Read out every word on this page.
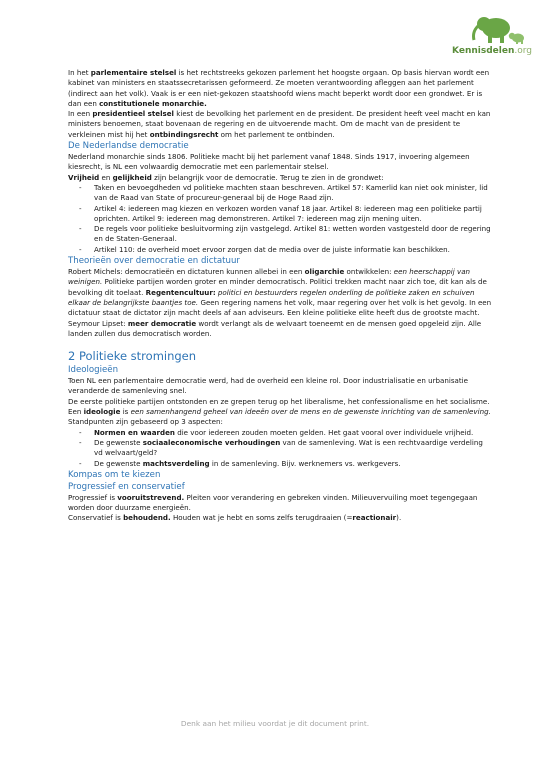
Kennisdelen.org

In het parlementaire stelsel is het rechtstreeks gekozen parlement het hoogste orgaan. Op basis hiervan wordt een kabinet van ministers en staatssecretarissen geformeerd. Ze moeten verantwoording afleggen aan het parlement (indirect aan het volk). Vaak is er een niet-gekozen staatshoofd wiens macht beperkt wordt door een grondwet. Er is dan een constitutionele monarchie.

In een presidentieel stelsel kiest de bevolking het parlement en de president. De president heeft veel macht en kan ministers benoemen, staat bovenaan de regering en de uitvoerende macht. Om de macht van de president te verkleinen mist hij het ontbindingsrecht om het parlement te ontbinden.

De Nederlandse democratie

Nederland monarchie sinds 1806. Politieke macht bij het parlement vanaf 1848. Sinds 1917, invoering algemeen kiesrecht, is NL een volwaardig democratie met een parlementair stelsel.

Vrijheid en gelijkheid zijn belangrijk voor de democratie. Terug te zien in de grondwet:

- Taken en bevoegdheden vd politieke machten staan beschreven. Artikel 57: Kamerlid kan niet ook minister, lid van de Raad van State of procureur-generaal bij de Hoge Raad zijn.
- Artikel 4: iedereen mag kiezen en verkozen worden vanaf 18 jaar. Artikel 8: iedereen mag een politieke partij oprichten. Artikel 9: iedereen mag demonstreren. Artikel 7: iedereen mag zijn mening uiten.
- De regels voor politieke besluitvorming zijn vastgelegd. Artikel 81: wetten worden vastgesteld door de regering en de Staten-Generaal.
- Artikel 110: de overheid moet ervoor zorgen dat de media over de juiste informatie kan beschikken.
Theorieën over democratie en dictatuur

Robert Michels: democratieën en dictaturen kunnen allebei in een oligarchie ontwikkelen: een heerschappij van weinigen. Politieke partijen worden groter en minder democratisch. Politici trekken macht naar zich toe, dit kan als de bevolking dit toelaat. Regentencultuur: politici en bestuurders regelen onderling de politieke zaken en schuiven elkaar de belangrijkste baantjes toe. Geen regering namens het volk, maar regering over het volk is het gevolg. In een dictatuur staat de dictator zijn macht deels af aan adviseurs. Een kleine politieke elite heeft dus de grootste macht.

Seymour Lipset: meer democratie wordt verlangt als de welvaart toeneemt en de mensen goed opgeleid zijn. Alle landen zullen dus democratisch worden.

2 Politieke stromingen
Ideologieën

Toen NL een parlementaire democratie werd, had de overheid een kleine rol. Door industrialisatie en urbanisatie veranderde de samenleving snel.

De eerste politieke partijen ontstonden en ze grepen terug op het liberalisme, het confessionalisme en het socialisme. Een ideologie is een samenhangend geheel van ideeën over de mens en de gewenste inrichting van de samenleving. Standpunten zijn gebaseerd op 3 aspecten:

- Normen en waarden die voor iedereen zouden moeten gelden. Het gaat vooral over individuele vrijheid.
- De gewenste sociaaleconomische verhoudingen van de samenleving. Wat is een rechtvaardige verdeling vd welvaart/geld?
- De gewenste machtsverdeling in de samenleving. Bijv. werknemers vs. werkgevers.
Kompas om te kiezen
Progressief en conservatief

Progressief is vooruitstrevend. Pleiten voor verandering en gebreken vinden. Milieuvervuiling moet tegengegaan worden door duurzame energieën.

Conservatief is behoudend. Houden wat je hebt en soms zelfs terugdraaien (=reactionair).

Denk aan het milieu voordat je dit document print.
